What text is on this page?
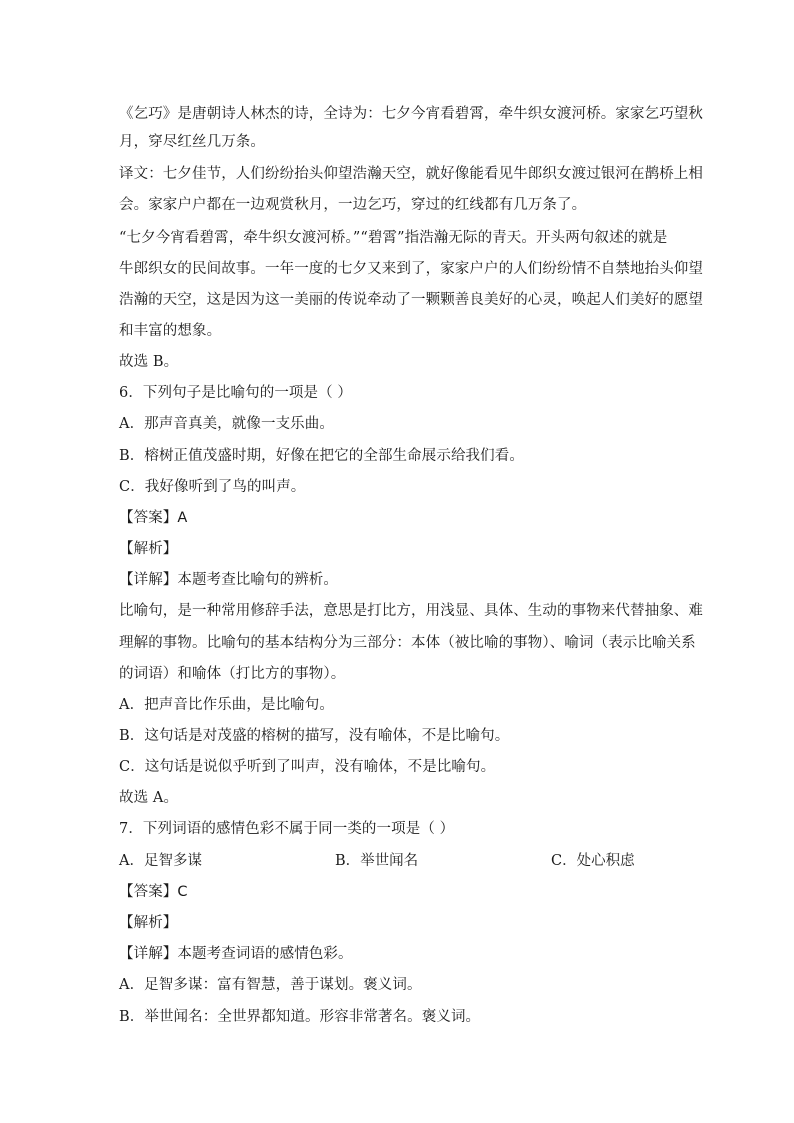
《乞巧》是唐朝诗人林杰的诗，全诗为：七夕今宵看碧霄，牵牛织女渡河桥。家家乞巧望秋
月，穿尽红丝几万条。
译文：七夕佳节，人们纷纷抬头仰望浩瀚天空，就好像能看见牛郎织女渡过银河在鹊桥上相
会。家家户户都在一边观赏秋月，一边乞巧，穿过的红线都有几万条了。
“七夕今宵看碧霄，牵牛织女渡河桥。”“碧霄”指浩瀚无际的青天。开头两句叙述的就是
牛郎织女的民间故事。一年一度的七夕又来到了，家家户户的人们纷纷情不自禁地抬头仰望
浩瀚的天空，这是因为这一美丽的传说牵动了一颗颗善良美好的心灵，唤起人们美好的愿望
和丰富的想象。
故选 B。
6．下列句子是比喻句的一项是（ ）
A．那声音真美，就像一支乐曲。
B．榕树正值茂盛时期，好像在把它的全部生命展示给我们看。
C．我好像听到了鸟的叫声。
【答案】A
【解析】
【详解】本题考查比喻句的辨析。
比喻句，是一种常用修辞手法，意思是打比方，用浅显、具体、生动的事物来代替抽象、难
理解的事物。比喻句的基本结构分为三部分：本体（被比喻的事物）、喻词（表示比喻关系
的词语）和喻体（打比方的事物）。
A．把声音比作乐曲，是比喻句。
B．这句话是对茂盛的榕树的描写，没有喻体，不是比喻句。
C．这句话是说似乎听到了叫声，没有喻体，不是比喻句。
故选 A。
7．下列词语的感情色彩不属于同一类的一项是（ ）
A．足智多谋	B．举世闻名	C．处心积虑
【答案】C
【解析】
【详解】本题考查词语的感情色彩。
A．足智多谋：富有智慧，善于谋划。褒义词。
B．举世闻名：全世界都知道。形容非常著名。褒义词。
